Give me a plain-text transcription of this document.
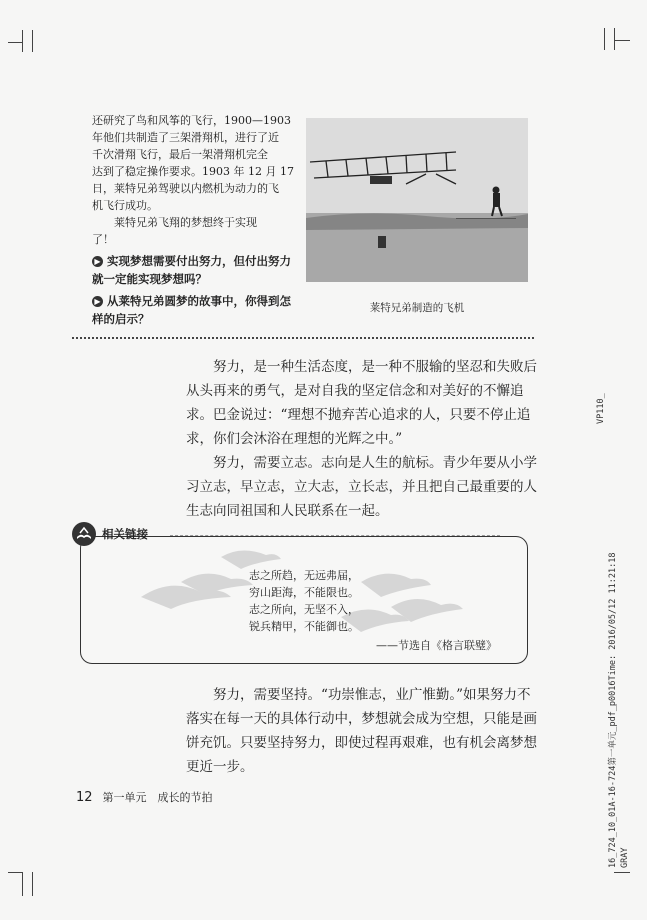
还研究了鸟和风筝的飞行，1900—1903

年他们共制造了三架滑翔机，进行了近

千次滑翔飞行，最后一架滑翔机完全

达到了稳定操作要求。1903 年 12 月 17

日，莱特兄弟驾驶以内燃机为动力的飞

机飞行成功。

　　莱特兄弟飞翔的梦想终于实现

了！

▶ 实现梦想需要付出努力，但付出努力就一定能实现梦想吗？
▶ 从莱特兄弟圆梦的故事中，你得到怎样的启示？
莱特兄弟制造的飞机

努力，是一种生活态度，是一种不服输的坚忍和失败后从头再来的勇气，是对自我的坚定信念和对美好的不懈追求。巴金说过：“理想不抛弃苦心追求的人，只要不停止追求，你们会沐浴在理想的光辉之中。”

努力，需要立志。志向是人生的航标。青少年要从小学习立志，早立志，立大志，立长志，并且把自己最重要的人生志向同祖国和人民联系在一起。

志之所趋，无远弗届，
穷山距海，不能限也。
志之所向，无坚不入，
锐兵精甲，不能御也。
——节选自《格言联璧》
相关链接

努力，需要坚持。“功崇惟志，业广惟勤。”如果努力不落实在每一天的具体行动中，梦想就会成为空想，只能是画饼充饥。只要坚持努力，即使过程再艰难，也有机会离梦想更近一步。

12 第一单元　成长的节拍
VP110_
16_724_10_01A-16-724第一单元_pdf_p0016Time: 2016/05/12 11:21:18 GRAY
